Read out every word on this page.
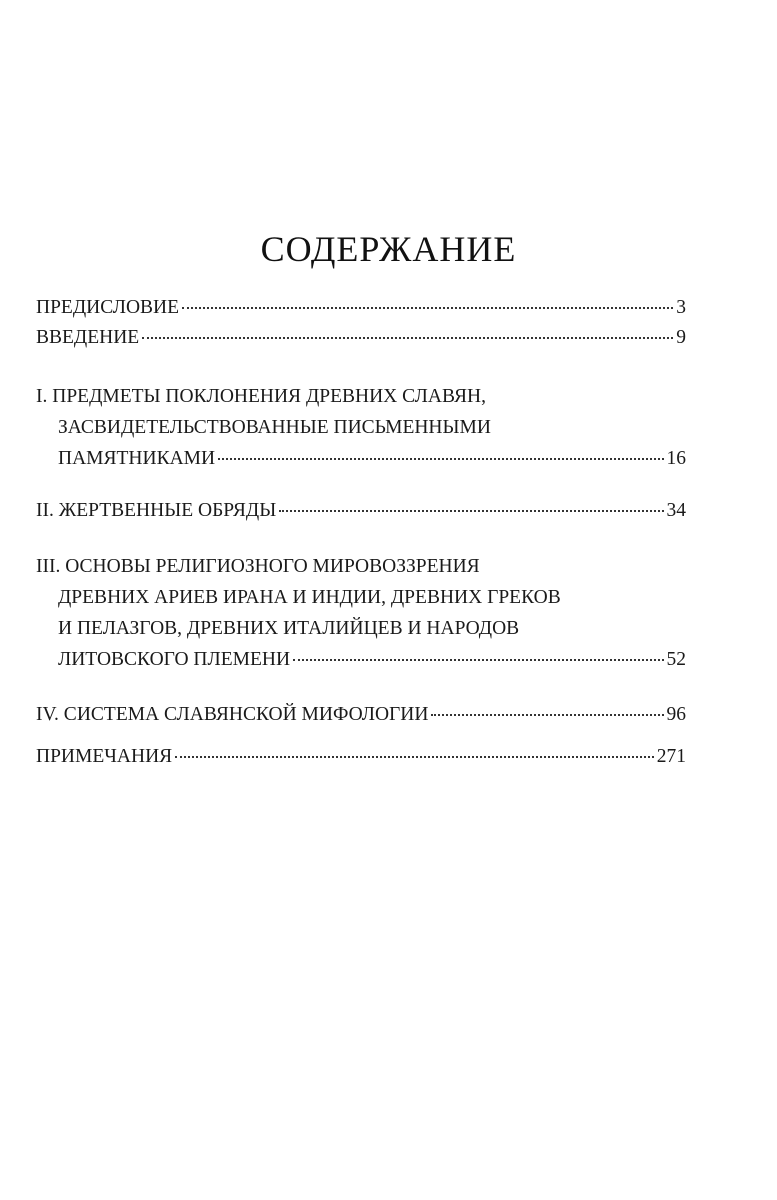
СОДЕРЖАНИЕ
ПРЕДИСЛОВИЕ	3
ВВЕДЕНИЕ	9
I. ПРЕДМЕТЫ ПОКЛОНЕНИЯ ДРЕВНИХ СЛАВЯН,
ЗАСВИДЕТЕЛЬСТВОВАННЫЕ ПИСЬМЕННЫМИ
ПАМЯТНИКАМИ	16
II. ЖЕРТВЕННЫЕ ОБРЯДЫ	34
III. ОСНОВЫ РЕЛИГИОЗНОГО МИРОВОЗЗРЕНИЯ
ДРЕВНИХ АРИЕВ ИРАНА И ИНДИИ, ДРЕВНИХ ГРЕКОВ
И ПЕЛАЗГОВ, ДРЕВНИХ ИТАЛИЙЦЕВ И НАРОДОВ
ЛИТОВСКОГО ПЛЕМЕНИ	52
IV. СИСТЕМА СЛАВЯНСКОЙ МИФОЛОГИИ	96
ПРИМЕЧАНИЯ	271
